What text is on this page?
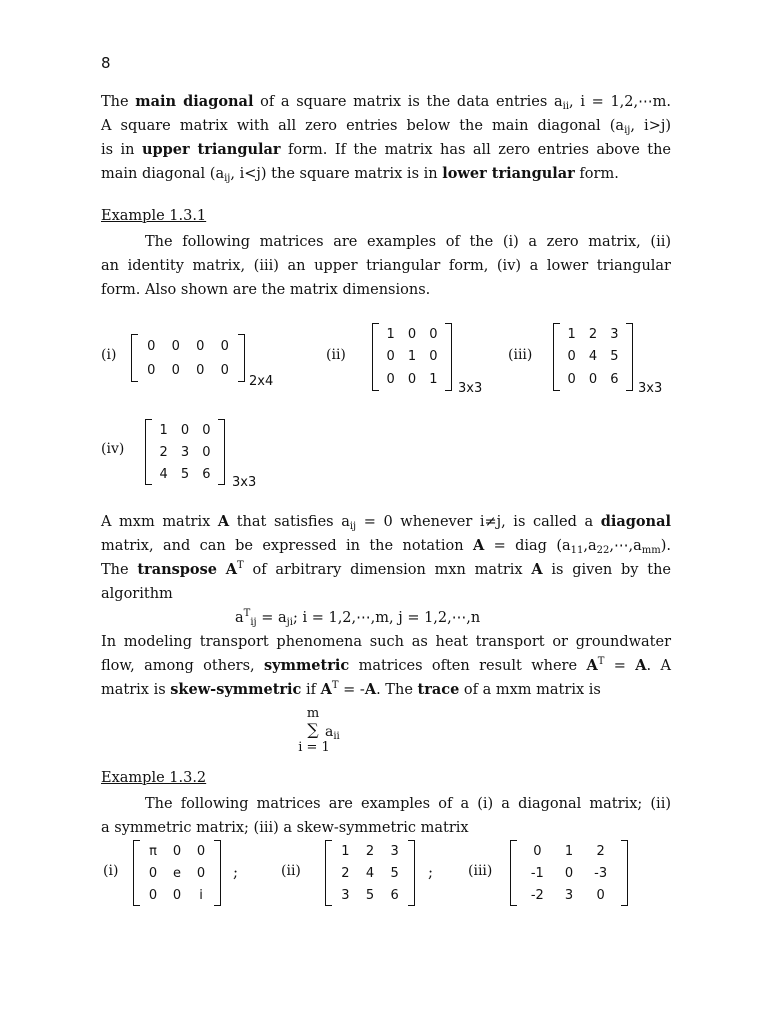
8
The main diagonal of a square matrix is the data entries $a_{ii}$, i = 1,2,⋯m.
A square matrix with all zero entries below the main diagonal ($a_{ij}$, i>j)
is in upper triangular form. If the matrix has all zero entries above the
main diagonal ($a_{ij}$, i<j) the square matrix is in lower triangular form.
Example 1.3.1
The following matrices are examples of the (i) a zero matrix, (ii)
an identity matrix, (iii) an upper triangular form, (iv) a lower triangular
form. Also shown are the matrix dimensions.
(i)
0	0	0	0
0	0	0	0
2x4
(ii)
1	0	0
0	1	0
0	0	1
3x3
(iii)
1	2	3
0	4	5
0	0	6
3x3
(iv)
1	0	0
2	3	0
4	5	6
3x3
A mxm matrix A that satisfies $a_{ij} = 0$ whenever i≠j, is called a diagonal
matrix, and can be expressed in the notation A = diag $(a_{11},a_{22},\cdots,a_{mm})$.
The transpose $A^T$ of arbitrary dimension mxn matrix A is given by the
algorithm
$a^T_{ij} = a_{ji}$; i = 1,2,⋯,m, j = 1,2,⋯,n
In modeling transport phenomena such as heat transport or groundwater
flow, among others, symmetric matrices often result where $A^T = A$. A
matrix is skew-symmetric if $A^T = -A$. The trace of a mxm matrix is
m
∑ $a_{ii}$
i = 1
Example 1.3.2
The following matrices are examples of a (i) a diagonal matrix; (ii)
a symmetric matrix; (iii) a skew-symmetric matrix
(i)
π	0	0
0	e	0
0	0	i
;	(ii)
1	2	3
2	4	5
3	5	6
; (iii)
0	1	2
-1	0	-3
-2	3	0
